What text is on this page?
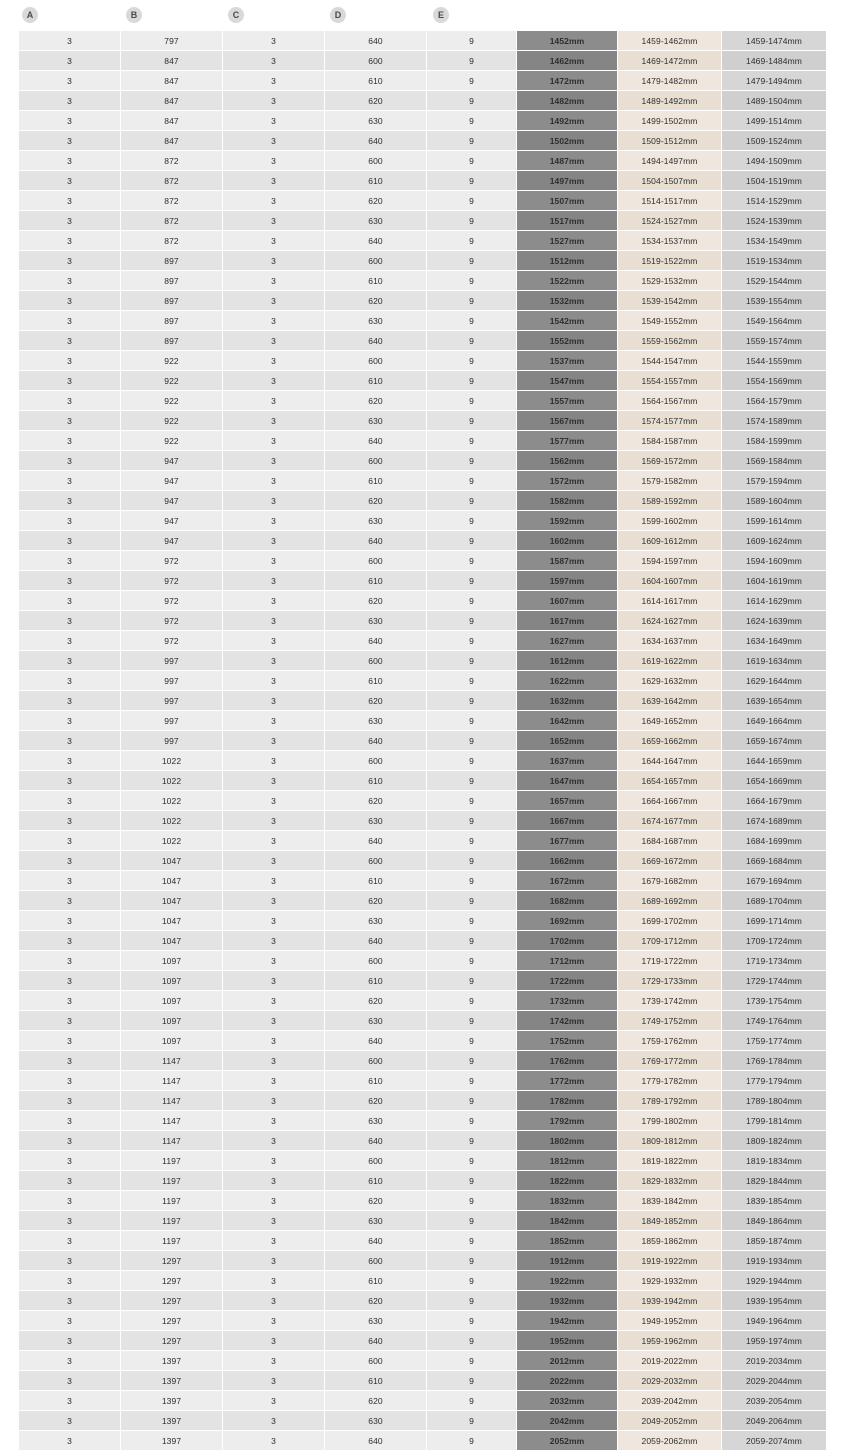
A	B	C	D	E
3	797	3	640	9	1452mm	1459-1462mm	1459-1474mm
3	847	3	600	9	1462mm	1469-1472mm	1469-1484mm
3	847	3	610	9	1472mm	1479-1482mm	1479-1494mm
3	847	3	620	9	1482mm	1489-1492mm	1489-1504mm
3	847	3	630	9	1492mm	1499-1502mm	1499-1514mm
3	847	3	640	9	1502mm	1509-1512mm	1509-1524mm
3	872	3	600	9	1487mm	1494-1497mm	1494-1509mm
3	872	3	610	9	1497mm	1504-1507mm	1504-1519mm
3	872	3	620	9	1507mm	1514-1517mm	1514-1529mm
3	872	3	630	9	1517mm	1524-1527mm	1524-1539mm
3	872	3	640	9	1527mm	1534-1537mm	1534-1549mm
3	897	3	600	9	1512mm	1519-1522mm	1519-1534mm
3	897	3	610	9	1522mm	1529-1532mm	1529-1544mm
3	897	3	620	9	1532mm	1539-1542mm	1539-1554mm
3	897	3	630	9	1542mm	1549-1552mm	1549-1564mm
3	897	3	640	9	1552mm	1559-1562mm	1559-1574mm
3	922	3	600	9	1537mm	1544-1547mm	1544-1559mm
3	922	3	610	9	1547mm	1554-1557mm	1554-1569mm
3	922	3	620	9	1557mm	1564-1567mm	1564-1579mm
3	922	3	630	9	1567mm	1574-1577mm	1574-1589mm
3	922	3	640	9	1577mm	1584-1587mm	1584-1599mm
3	947	3	600	9	1562mm	1569-1572mm	1569-1584mm
3	947	3	610	9	1572mm	1579-1582mm	1579-1594mm
3	947	3	620	9	1582mm	1589-1592mm	1589-1604mm
3	947	3	630	9	1592mm	1599-1602mm	1599-1614mm
3	947	3	640	9	1602mm	1609-1612mm	1609-1624mm
3	972	3	600	9	1587mm	1594-1597mm	1594-1609mm
3	972	3	610	9	1597mm	1604-1607mm	1604-1619mm
3	972	3	620	9	1607mm	1614-1617mm	1614-1629mm
3	972	3	630	9	1617mm	1624-1627mm	1624-1639mm
3	972	3	640	9	1627mm	1634-1637mm	1634-1649mm
3	997	3	600	9	1612mm	1619-1622mm	1619-1634mm
3	997	3	610	9	1622mm	1629-1632mm	1629-1644mm
3	997	3	620	9	1632mm	1639-1642mm	1639-1654mm
3	997	3	630	9	1642mm	1649-1652mm	1649-1664mm
3	997	3	640	9	1652mm	1659-1662mm	1659-1674mm
3	1022	3	600	9	1637mm	1644-1647mm	1644-1659mm
3	1022	3	610	9	1647mm	1654-1657mm	1654-1669mm
3	1022	3	620	9	1657mm	1664-1667mm	1664-1679mm
3	1022	3	630	9	1667mm	1674-1677mm	1674-1689mm
3	1022	3	640	9	1677mm	1684-1687mm	1684-1699mm
3	1047	3	600	9	1662mm	1669-1672mm	1669-1684mm
3	1047	3	610	9	1672mm	1679-1682mm	1679-1694mm
3	1047	3	620	9	1682mm	1689-1692mm	1689-1704mm
3	1047	3	630	9	1692mm	1699-1702mm	1699-1714mm
3	1047	3	640	9	1702mm	1709-1712mm	1709-1724mm
3	1097	3	600	9	1712mm	1719-1722mm	1719-1734mm
3	1097	3	610	9	1722mm	1729-1733mm	1729-1744mm
3	1097	3	620	9	1732mm	1739-1742mm	1739-1754mm
3	1097	3	630	9	1742mm	1749-1752mm	1749-1764mm
3	1097	3	640	9	1752mm	1759-1762mm	1759-1774mm
3	1147	3	600	9	1762mm	1769-1772mm	1769-1784mm
3	1147	3	610	9	1772mm	1779-1782mm	1779-1794mm
3	1147	3	620	9	1782mm	1789-1792mm	1789-1804mm
3	1147	3	630	9	1792mm	1799-1802mm	1799-1814mm
3	1147	3	640	9	1802mm	1809-1812mm	1809-1824mm
3	1197	3	600	9	1812mm	1819-1822mm	1819-1834mm
3	1197	3	610	9	1822mm	1829-1832mm	1829-1844mm
3	1197	3	620	9	1832mm	1839-1842mm	1839-1854mm
3	1197	3	630	9	1842mm	1849-1852mm	1849-1864mm
3	1197	3	640	9	1852mm	1859-1862mm	1859-1874mm
3	1297	3	600	9	1912mm	1919-1922mm	1919-1934mm
3	1297	3	610	9	1922mm	1929-1932mm	1929-1944mm
3	1297	3	620	9	1932mm	1939-1942mm	1939-1954mm
3	1297	3	630	9	1942mm	1949-1952mm	1949-1964mm
3	1297	3	640	9	1952mm	1959-1962mm	1959-1974mm
3	1397	3	600	9	2012mm	2019-2022mm	2019-2034mm
3	1397	3	610	9	2022mm	2029-2032mm	2029-2044mm
3	1397	3	620	9	2032mm	2039-2042mm	2039-2054mm
3	1397	3	630	9	2042mm	2049-2052mm	2049-2064mm
3	1397	3	640	9	2052mm	2059-2062mm	2059-2074mm
